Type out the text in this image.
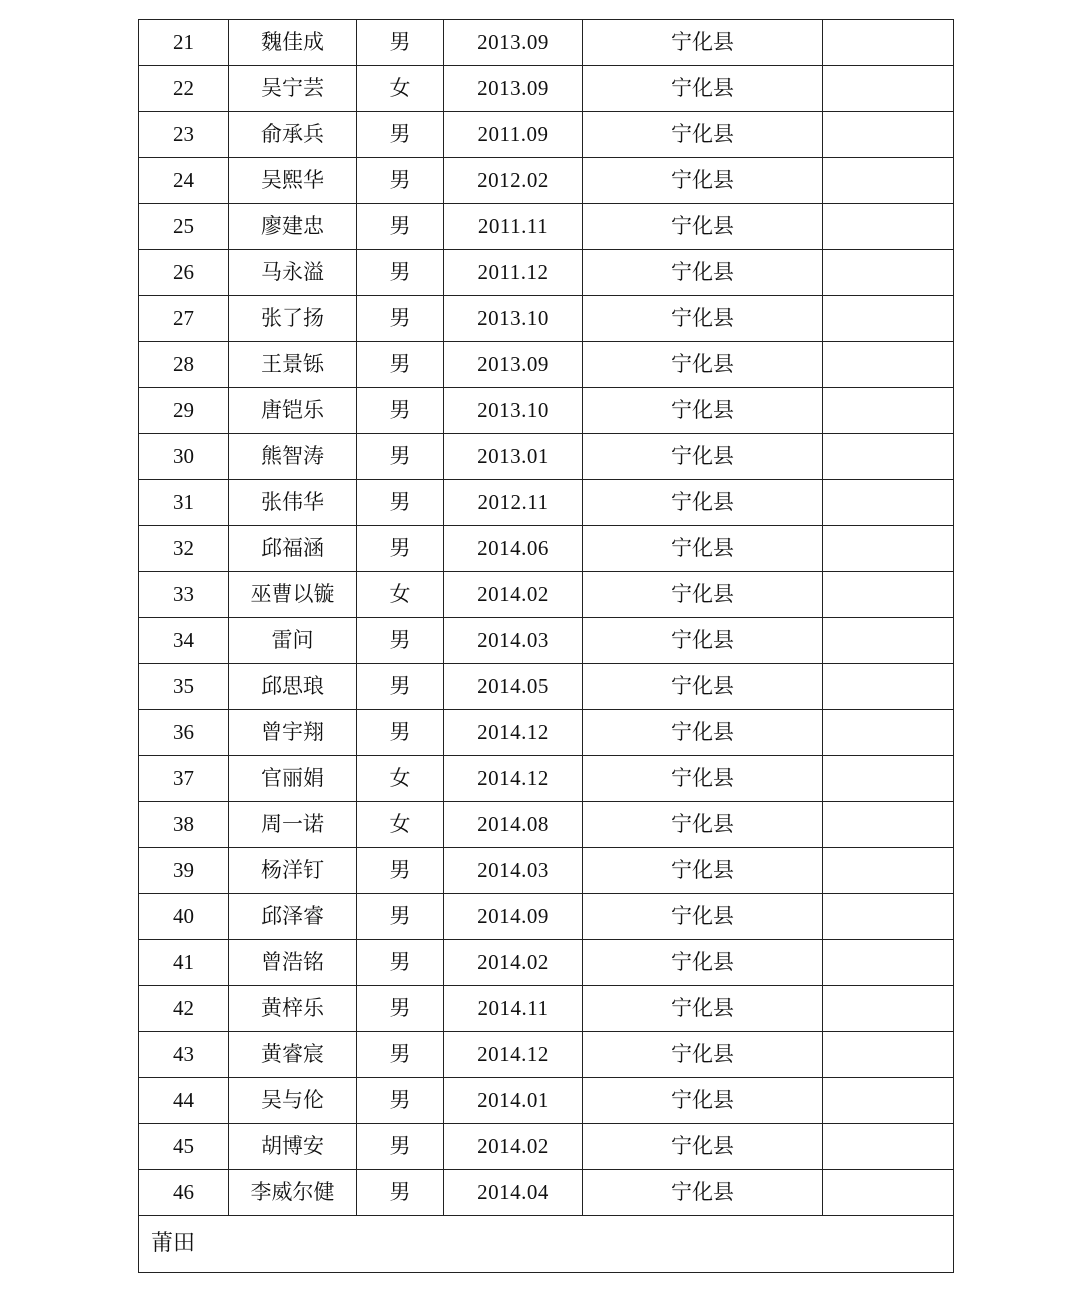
21	魏佳成	男	2013.09	宁化县	
22	吴宁芸	女	2013.09	宁化县	
23	俞承兵	男	2011.09	宁化县	
24	吴熙华	男	2012.02	宁化县	
25	廖建忠	男	2011.11	宁化县	
26	马永溢	男	2011.12	宁化县	
27	张了扬	男	2013.10	宁化县	
28	王景铄	男	2013.09	宁化县	
29	唐铠乐	男	2013.10	宁化县	
30	熊智涛	男	2013.01	宁化县	
31	张伟华	男	2012.11	宁化县	
32	邱福涵	男	2014.06	宁化县	
33	巫曹以镟	女	2014.02	宁化县	
34	雷问	男	2014.03	宁化县	
35	邱思琅	男	2014.05	宁化县	
36	曾宇翔	男	2014.12	宁化县	
37	官丽娟	女	2014.12	宁化县	
38	周一诺	女	2014.08	宁化县	
39	杨洋钉	男	2014.03	宁化县	
40	邱泽睿	男	2014.09	宁化县	
41	曾浩铭	男	2014.02	宁化县	
42	黄梓乐	男	2014.11	宁化县	
43	黄睿宸	男	2014.12	宁化县	
44	吴与伦	男	2014.01	宁化县	
45	胡博安	男	2014.02	宁化县	
46	李威尔健	男	2014.04	宁化县	
莆田					
